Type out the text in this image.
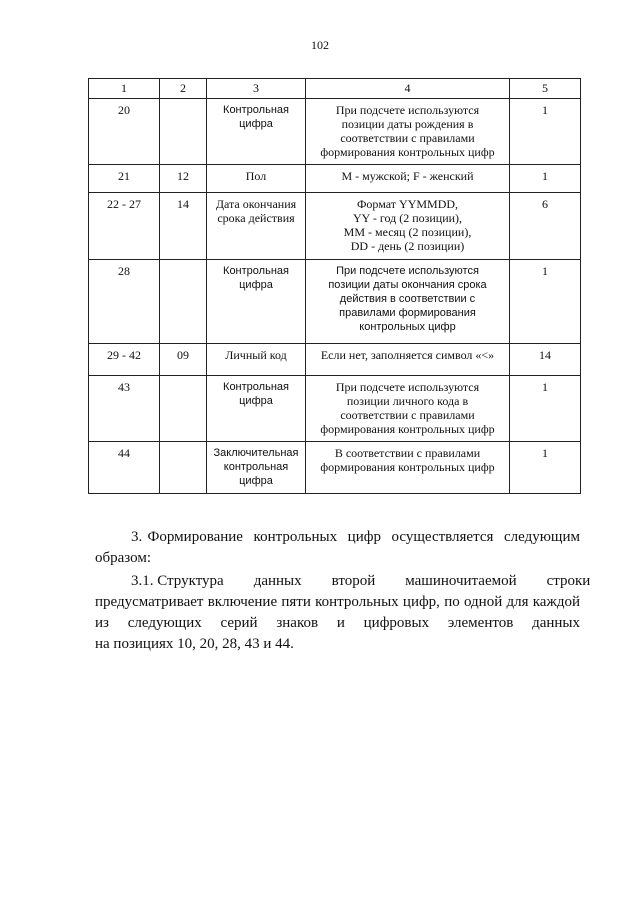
102
1	2	3	4	5
20		Контрольная
цифра	При подсчете используются
позиции даты рождения в
соответствии с правилами
формирования контрольных цифр	1
21	12	Пол	M - мужской; F - женский	1
22 - 27	14	Дата окончания
срока действия	Формат YYMMDD,
YY - год (2 позиции),
MM - месяц (2 позиции),
DD - день (2 позиции)	6
28		Контрольная
цифра	При подсчете используются
позиции даты окончания срока
действия в соответствии с
правилами формирования
контрольных цифр	1
29 - 42	09	Личный код	Если нет, заполняется символ «<»	14
43		Контрольная
цифра	При подсчете используются
позиции личного кода в
соответствии с правилами
формирования контрольных цифр	1
44		Заключительная
контрольная
цифра	В соответствии с правилами
формирования контрольных цифр	1
3. Формирование  контрольных  цифр  осуществляется  следующим
образом:
3.1. Структура        данных        второй        машиночитаемой        строки
предусматривает включение пяти контрольных цифр, по одной для каждой
из    следующих    серий    знаков    и    цифровых    элементов    данных
на позициях 10, 20, 28, 43 и 44.
